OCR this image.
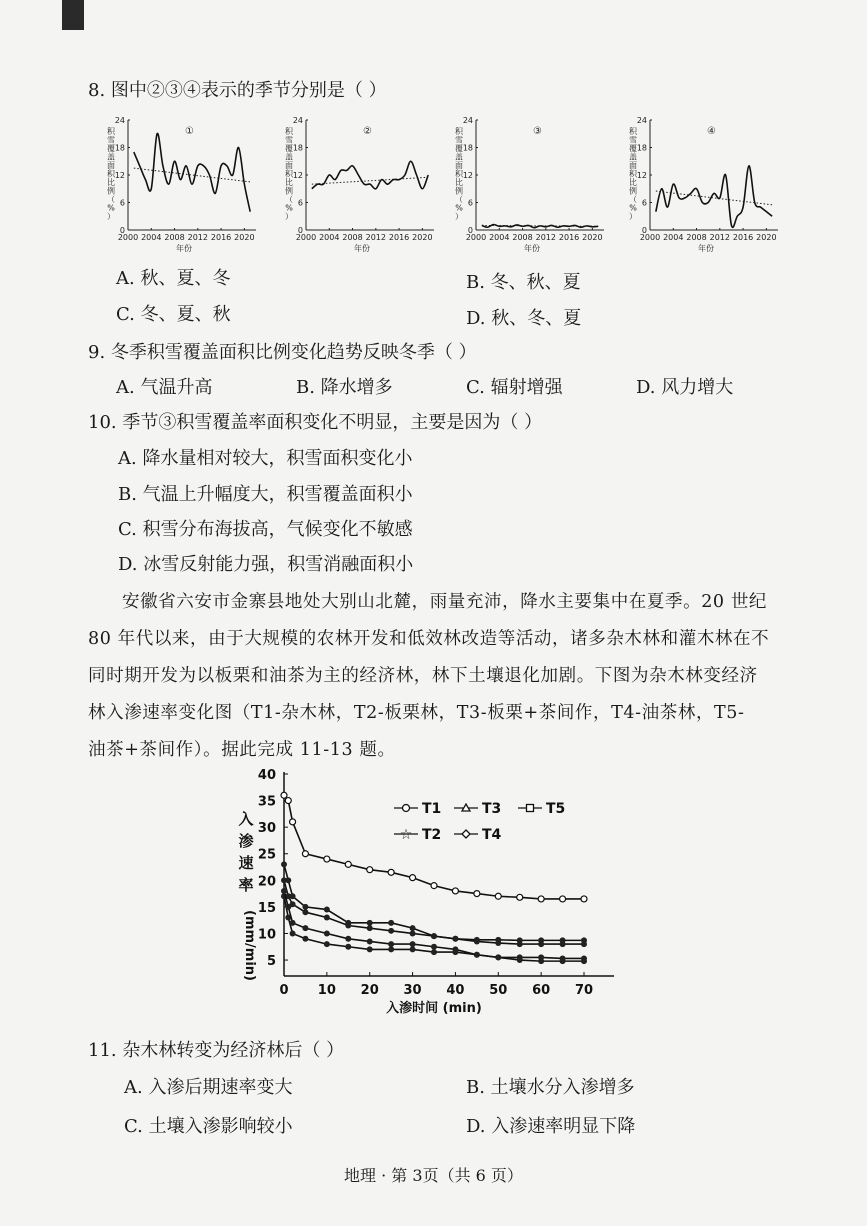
8. 图中②③④表示的季节分别是（ ）
0
6
12
18
24
2000 2004 2008 2012 2016 2020
年份
积
雪
覆
盖
面
积
比
例
（
%
）
①
0
6
12
18
24
2000 2004 2008 2012 2016 2020
年份
积
雪
覆
盖
面
积
比
例
（
%
）
②
0
6
12
18
24
2000 2004 2008 2012 2016 2020
年份
积
雪
覆
盖
面
积
比
例
（
%
）
③
0
6
12
18
24
2000 2004 2008 2012 2016 2020
年份
积
雪
覆
盖
面
积
比
例
（
%
）
④
A. 秋、夏、冬	B. 冬、秋、夏
C. 冬、夏、秋	D. 秋、冬、夏
9. 冬季积雪覆盖面积比例变化趋势反映冬季（ ）
A. 气温升高	B. 降水增多	C. 辐射增强	D. 风力增大
10. 季节③积雪覆盖率面积变化不明显，主要是因为（ ）
A. 降水量相对较大，积雪面积变化小
B. 气温上升幅度大，积雪覆盖面积小
C. 积雪分布海拔高，气候变化不敏感
D. 冰雪反射能力强，积雪消融面积小

安徽省六安市金寨县地处大别山北麓，雨量充沛，降水主要集中在夏季。20 世纪

80 年代以来，由于大规模的农林开发和低效林改造等活动，诸多杂木林和灌木林在不

同时期开发为以板栗和油茶为主的经济林，林下土壤退化加剧。下图为杂木林变经济

林入渗速率变化图（T1-杂木林，T2-板栗林，T3-板栗+茶间作，T4-油茶林，T5-

油茶+茶间作）。据此完成 11-13 题。

5
10
15
20
25
30
35
40
0 10 20 30 40 50 60 70
入渗时间 (min)
入
渗
速
率
(mm/min)
T1	T3	T5
☆ T2	T4
11. 杂木林转变为经济林后（ ）
A. 入渗后期速率变大	B. 土壤水分入渗增多
C. 土壤入渗影响较小	D. 入渗速率明显下降
地理 · 第 3页（共 6 页）
